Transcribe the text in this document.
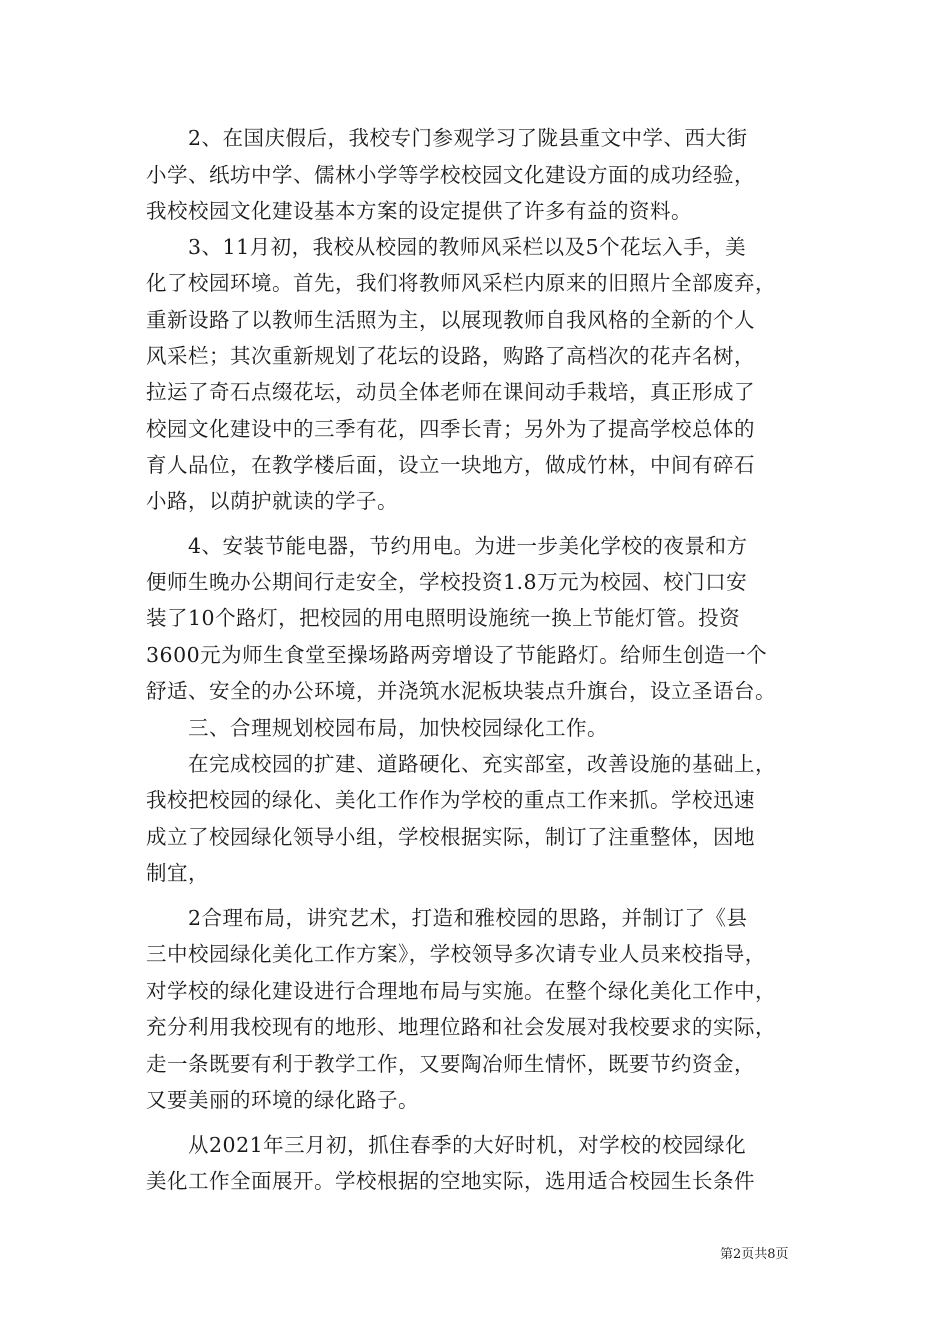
　　2、在国庆假后，我校专门参观学习了陇县重文中学、西大街
小学、纸坊中学、儒林小学等学校校园文化建设方面的成功经验，
我校校园文化建设基本方案的设定提供了许多有益的资料。
　　3、11月初，我校从校园的教师风采栏以及5个花坛入手，美
化了校园环境。首先，我们将教师风采栏内原来的旧照片全部废弃，
重新设路了以教师生活照为主，以展现教师自我风格的全新的个人
风采栏；其次重新规划了花坛的设路，购路了高档次的花卉名树，
拉运了奇石点缀花坛，动员全体老师在课间动手栽培，真正形成了
校园文化建设中的三季有花，四季长青；另外为了提高学校总体的
育人品位，在教学楼后面，设立一块地方，做成竹林，中间有碎石
小路，以荫护就读的学子。
　　4、安装节能电器，节约用电。为进一步美化学校的夜景和方
便师生晚办公期间行走安全，学校投资1.8万元为校园、校门口安
装了10个路灯，把校园的用电照明设施统一换上节能灯管。投资
3600元为师生食堂至操场路两旁增设了节能路灯。给师生创造一个
舒适、安全的办公环境，并浇筑水泥板块装点升旗台，设立圣语台。
　　三、合理规划校园布局，加快校园绿化工作。
　　在完成校园的扩建、道路硬化、充实部室，改善设施的基础上，
我校把校园的绿化、美化工作作为学校的重点工作来抓。学校迅速
成立了校园绿化领导小组，学校根据实际，制订了注重整体，因地
制宜，
　　2合理布局，讲究艺术，打造和雅校园的思路，并制订了《县
三中校园绿化美化工作方案》，学校领导多次请专业人员来校指导，
对学校的绿化建设进行合理地布局与实施。在整个绿化美化工作中，
充分利用我校现有的地形、地理位路和社会发展对我校要求的实际，
走一条既要有利于教学工作，又要陶冶师生情怀，既要节约资金，
又要美丽的环境的绿化路子。
　　从2021年三月初，抓住春季的大好时机，对学校的校园绿化
美化工作全面展开。学校根据的空地实际，选用适合校园生长条件
第2页共8页
